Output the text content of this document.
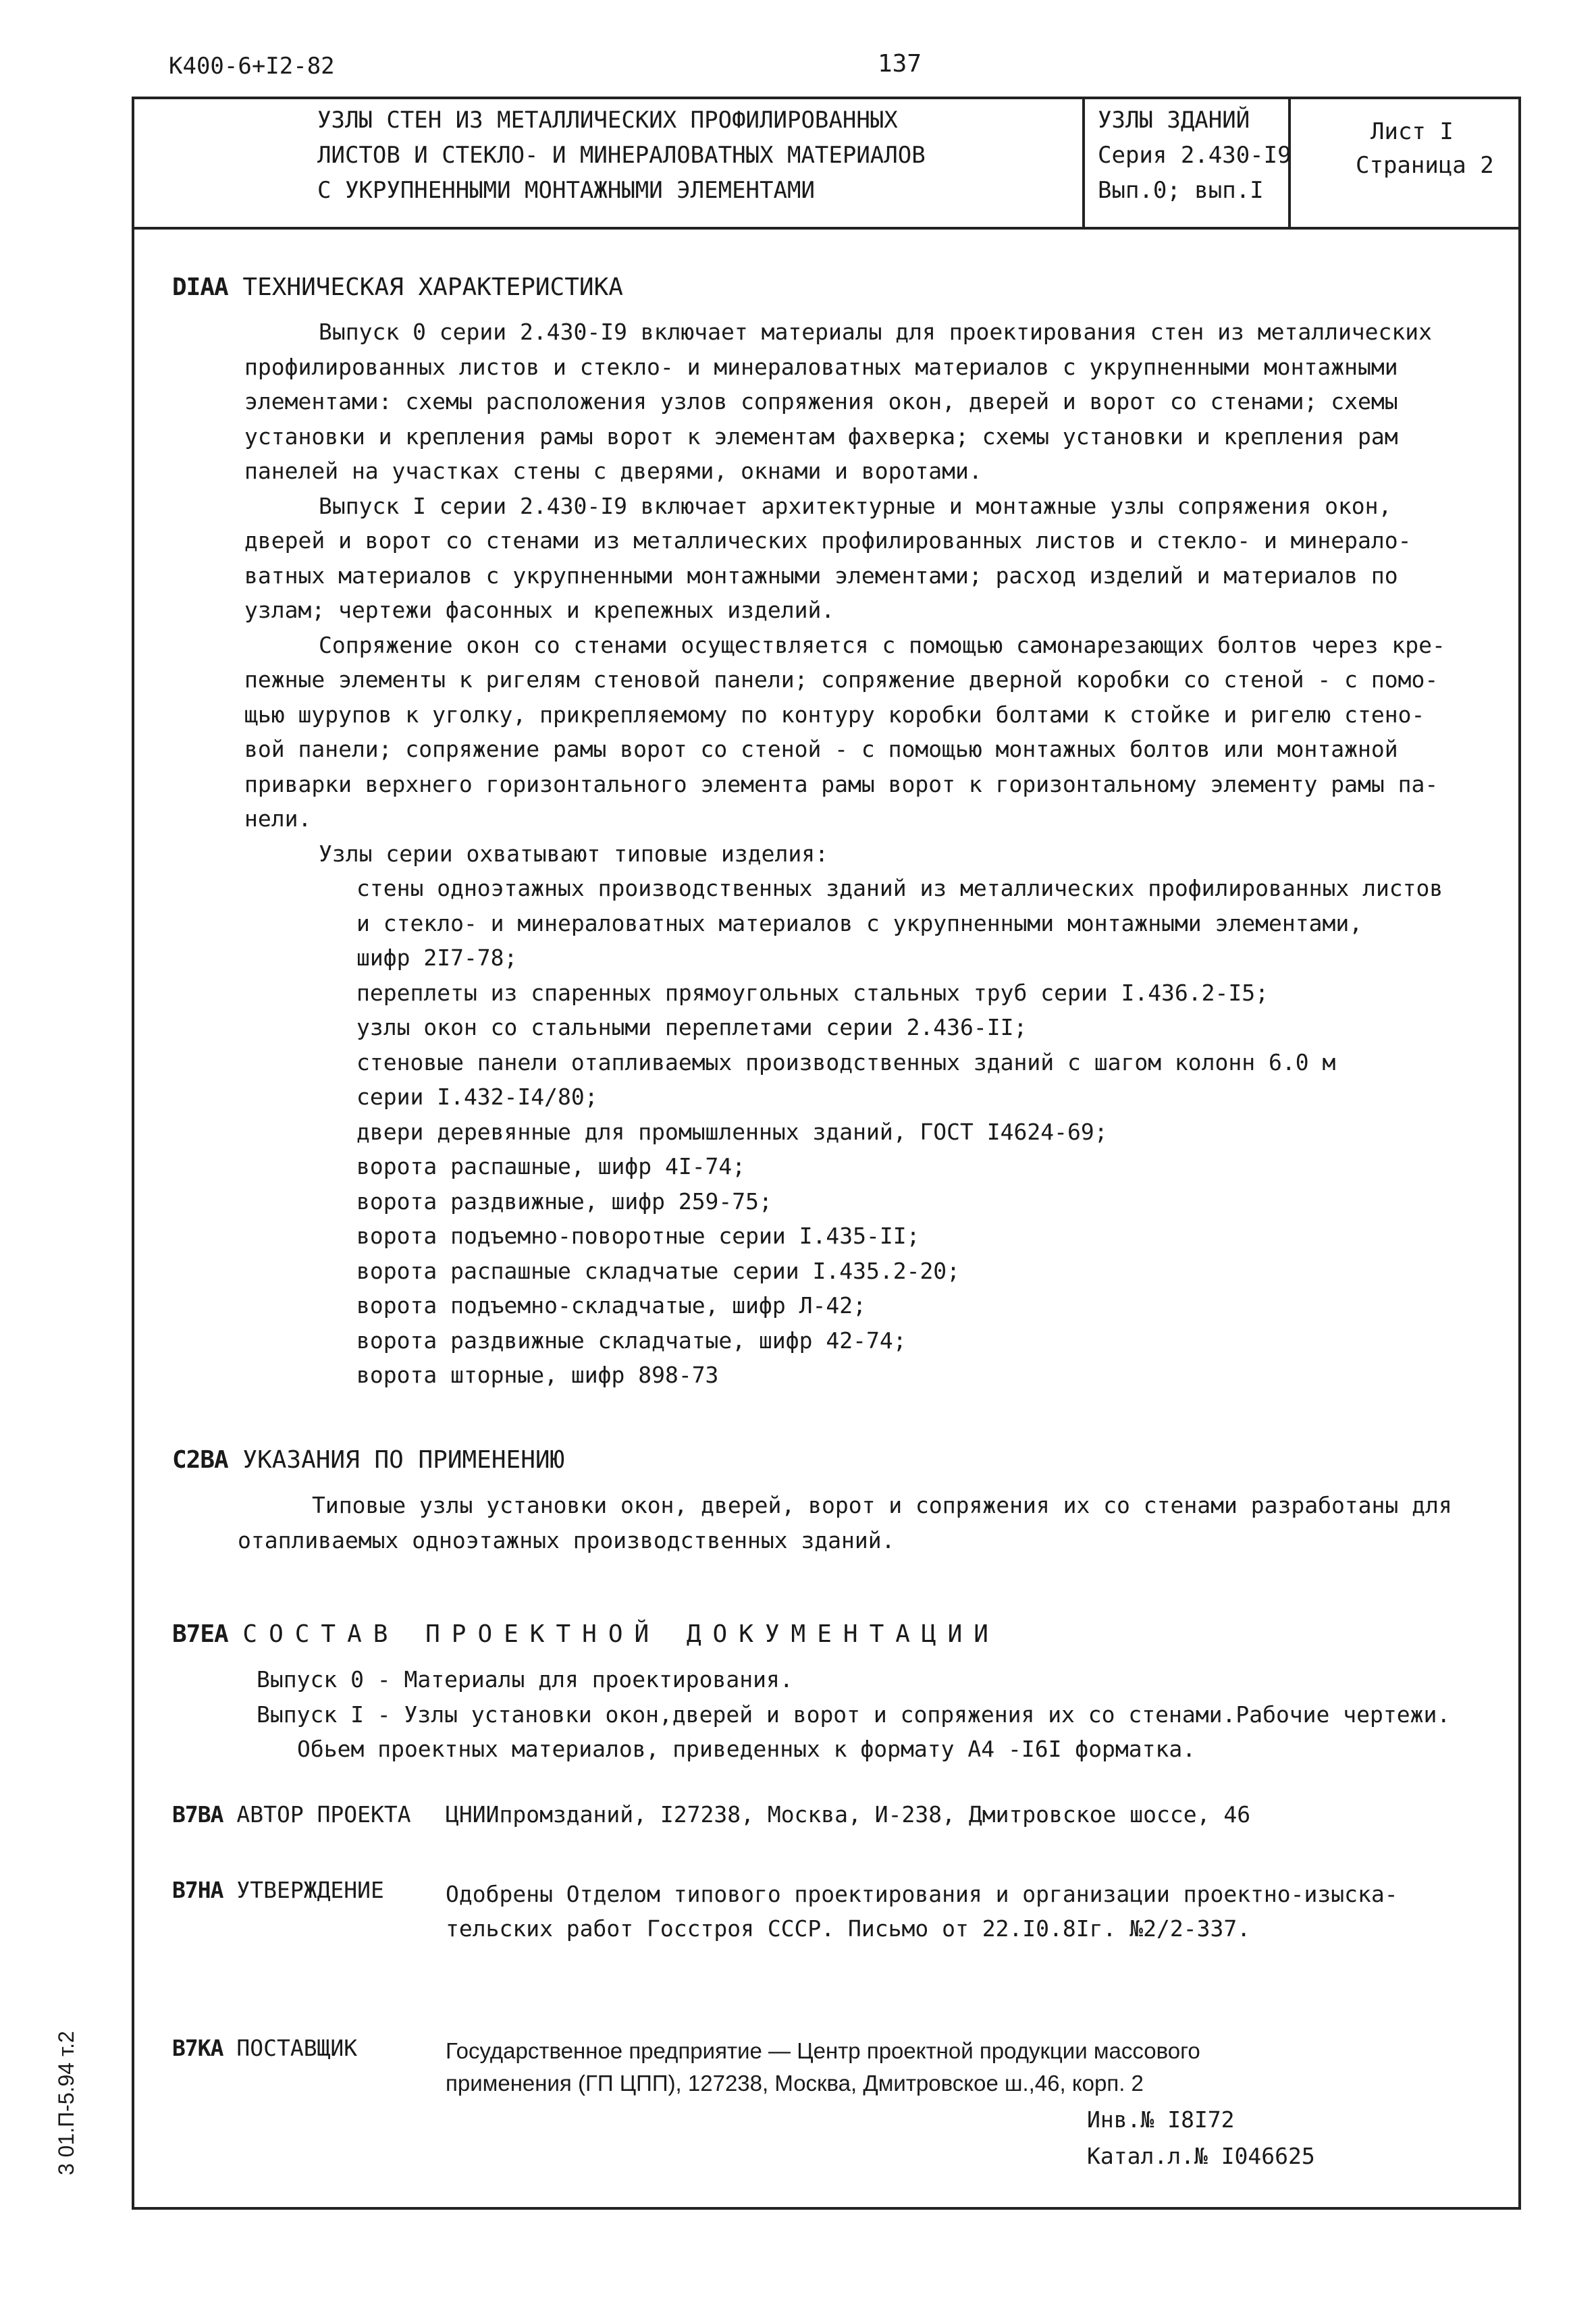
K400-6+I2-82	137
УЗЛЫ СТЕН ИЗ МЕТАЛЛИЧЕСКИХ ПРОФИЛИРОВАННЫХ
ЛИСТОВ И СТЕКЛО- И МИНЕРАЛОВАТНЫХ МАТЕРИАЛОВ
С УКРУПНЕННЫМИ МОНТАЖНЫМИ ЭЛЕМЕНТАМИ
УЗЛЫ ЗДАНИЙ
Серия 2.430-I9
Вып.0; вып.I
Лист I
Страница 2
DIAA ТЕХНИЧЕСКАЯ ХАРАКТЕРИСТИКА
Выпуск 0 серии 2.430-I9 включает материалы для проектирования стен из металлических
профилированных листов и стекло- и минераловатных материалов с укрупненными монтажными
элементами: схемы расположения узлов сопряжения окон, дверей и ворот со стенами; схемы
установки и крепления рамы ворот к элементам фахверка; схемы установки и крепления рам
панелей на участках стены с дверями, окнами и воротами.
Выпуск I серии 2.430-I9 включает архитектурные и монтажные узлы сопряжения окон,
дверей и ворот со стенами из металлических профилированных листов и стекло- и минерало-
ватных материалов с укрупненными монтажными элементами; расход изделий и материалов по
узлам; чертежи фасонных и крепежных изделий.
Сопряжение окон со стенами осуществляется с помощью самонарезающих болтов через кре-
пежные элементы к ригелям стеновой панели; сопряжение дверной коробки со стеной - с помо-
щью шурупов к уголку, прикрепляемому по контуру коробки болтами к стойке и ригелю стено-
вой панели; сопряжение рамы ворот со стеной - с помощью монтажных болтов или монтажной
приварки верхнего горизонтального элемента рамы ворот к горизонтальному элементу рамы па-
нели.
Узлы серии охватывают типовые изделия:
стены одноэтажных производственных зданий из металлических профилированных листов
и стекло- и минераловатных материалов с укрупненными монтажными элементами,
шифр 2I7-78;
переплеты из спаренных прямоугольных стальных труб серии I.436.2-I5;
узлы окон со стальными переплетами серии 2.436-II;
стеновые панели отапливаемых производственных зданий с шагом колонн 6.0 м
серии I.432-I4/80;
двери деревянные для промышленных зданий, ГОСТ I4624-69;
ворота распашные, шифр 4I-74;
ворота раздвижные, шифр 259-75;
ворота подъемно-поворотные серии I.435-II;
ворота распашные складчатые серии I.435.2-20;
ворота подъемно-складчатые, шифр Л-42;
ворота раздвижные складчатые, шифр 42-74;
ворота шторные, шифр 898-73
C2BA УКАЗАНИЯ ПО ПРИМЕНЕНИЮ
Типовые узлы установки окон, дверей, ворот и сопряжения их со стенами разработаны для
отапливаемых одноэтажных производственных зданий.
B7EA СОСТАВ ПРОЕКТНОЙ ДОКУМЕНТАЦИИ
Выпуск 0 - Материалы для проектирования.
Выпуск I - Узлы установки окон,дверей и ворот и сопряжения их со стенами.Рабочие чертежи.
Обьем проектных материалов, приведенных к формату А4 -I6I форматка.
B7BA АВТОР ПРОЕКТА ЦНИИпромзданий, I27238, Москва, И-238, Дмитровское шоссе, 46
B7HA УТВЕРЖДЕНИЕ	Одобрены Отделом типового проектирования и организации проектно-изыска-
тельских работ Госстроя СССР. Письмо от 22.I0.8Iг. №2/2-337.
B7KA ПОСТАВЩИК	Государственное предприятие — Центр проектной продукции массового
применения (ГП ЦПП), 127238, Москва, Дмитровское ш.,46, корп. 2
Инв.№ I8I72
Катал.л.№ I046625
3 01.П-5.94 т.2
